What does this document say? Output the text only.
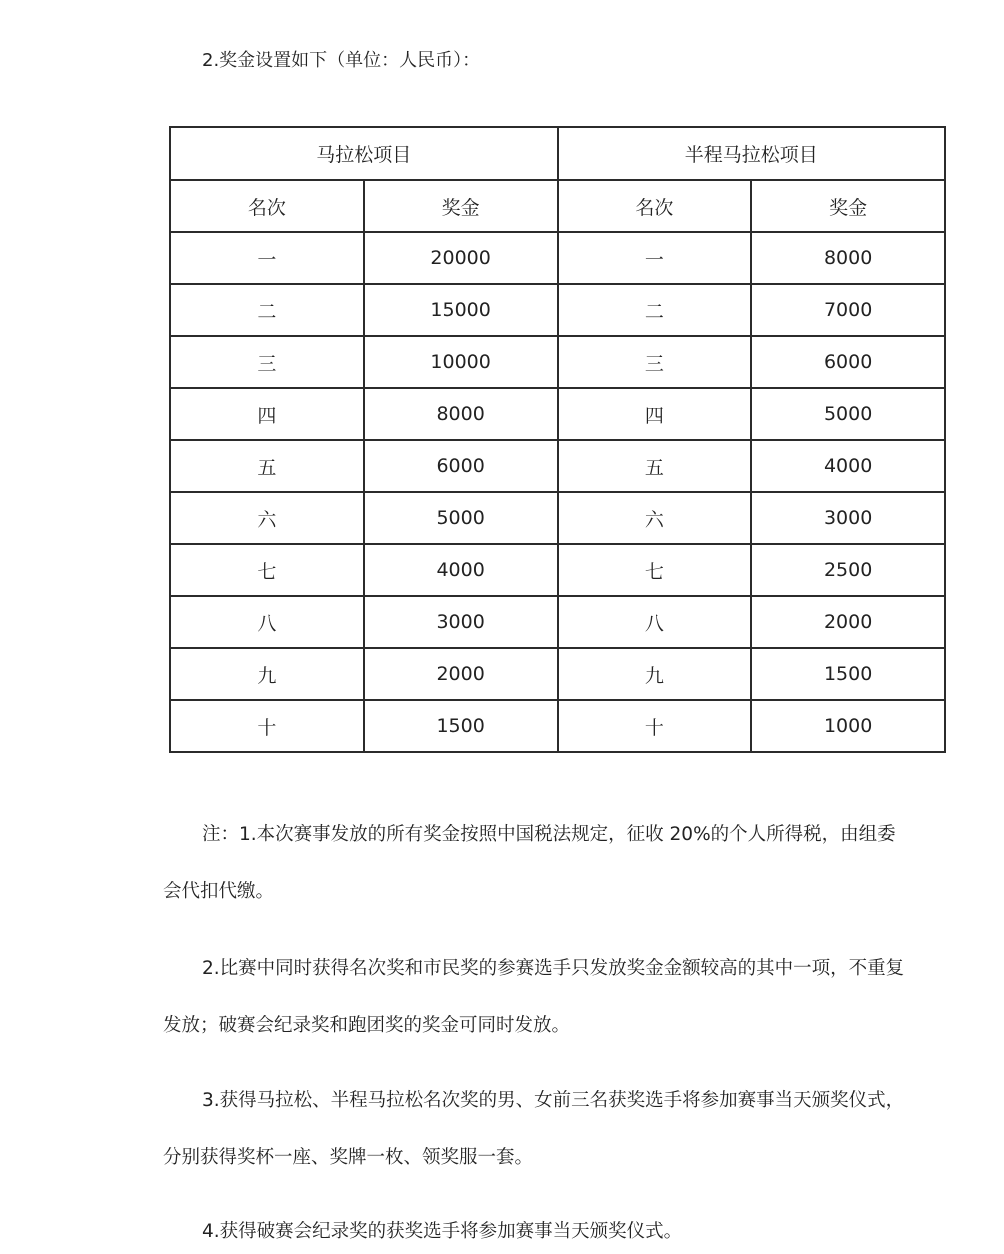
2.奖金设置如下（单位：人民币）：

马拉松项目		半程马拉松项目	
名次	奖金	名次	奖金
一	20000	一	8000
二	15000	二	7000
三	10000	三	6000
四	8000	四	5000
五	6000	五	4000
六	5000	六	3000
七	4000	七	2500
八	3000	八	2000
九	2000	九	1500
十	1500	十	1000

注：1.本次赛事发放的所有奖金按照中国税法规定，征收 20%的个人所得税，由组委

会代扣代缴。

2.比赛中同时获得名次奖和市民奖的参赛选手只发放奖金金额较高的其中一项，不重复

发放；破赛会纪录奖和跑团奖的奖金可同时发放。

3.获得马拉松、半程马拉松名次奖的男、女前三名获奖选手将参加赛事当天颁奖仪式，

分别获得奖杯一座、奖牌一枚、领奖服一套。

4.获得破赛会纪录奖的获奖选手将参加赛事当天颁奖仪式。
